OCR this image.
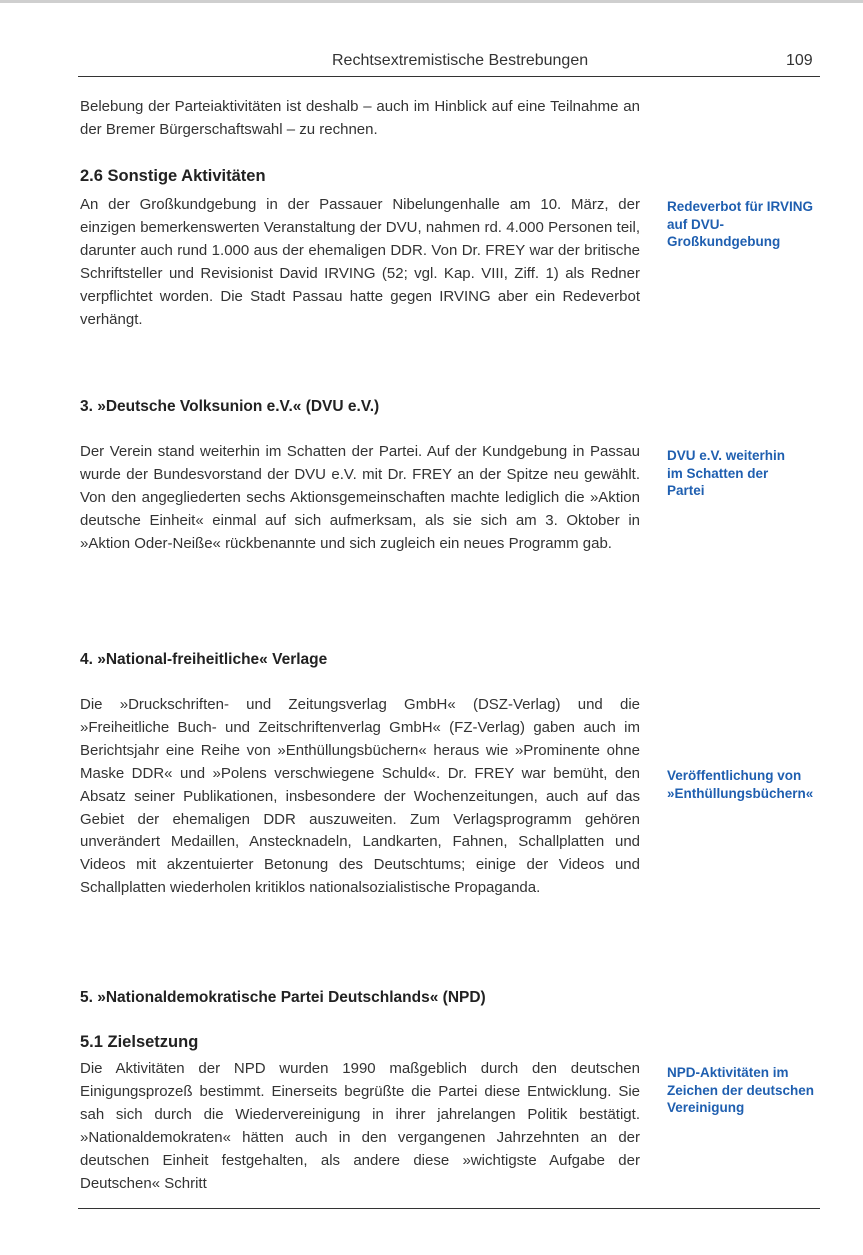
Rechtsextremistische Bestrebungen	109

Belebung der Parteiaktivitäten ist deshalb – auch im Hinblick auf eine Teilnahme an der Bremer Bürgerschaftswahl – zu rechnen.

2.6 Sonstige Aktivitäten

An der Großkundgebung in der Passauer Nibelungenhalle am 10. März, der einzigen bemerkenswerten Veranstaltung der DVU, nahmen rd. 4.000 Personen teil, darunter auch rund 1.000 aus der ehemaligen DDR. Von Dr. FREY war der britische Schriftsteller und Revisionist David IRVING (52; vgl. Kap. VIII, Ziff. 1) als Redner verpflichtet worden. Die Stadt Passau hatte gegen IRVING aber ein Redeverbot verhängt.

Redeverbot für IRVING auf DVU-Großkundgebung

3. »Deutsche Volksunion e.V.« (DVU e.V.)

Der Verein stand weiterhin im Schatten der Partei. Auf der Kundgebung in Passau wurde der Bundesvorstand der DVU e.V. mit Dr. FREY an der Spitze neu gewählt. Von den angegliederten sechs Aktionsgemeinschaften machte lediglich die »Aktion deutsche Einheit« einmal auf sich aufmerksam, als sie sich am 3. Oktober in »Aktion Oder-Neiße« rückbenannte und sich zugleich ein neues Programm gab.

DVU e.V. weiterhin im Schatten der Partei

4. »National-freiheitliche« Verlage

Die »Druckschriften- und Zeitungsverlag GmbH« (DSZ-Verlag) und die »Freiheitliche Buch- und Zeitschriftenverlag GmbH« (FZ-Verlag) gaben auch im Berichtsjahr eine Reihe von »Enthüllungsbüchern« heraus wie »Prominente ohne Maske DDR« und »Polens verschwiegene Schuld«. Dr. FREY war bemüht, den Absatz seiner Publikationen, insbesondere der Wochenzeitungen, auch auf das Gebiet der ehemaligen DDR auszuweiten. Zum Verlagsprogramm gehören unverändert Medaillen, Anstecknadeln, Landkarten, Fahnen, Schallplatten und Videos mit akzentuierter Betonung des Deutschtums; einige der Videos und Schallplatten wiederholen kritiklos nationalsozialistische Propaganda.

Veröffentlichung von »Enthüllungsbüchern«

5. »Nationaldemokratische Partei Deutschlands« (NPD)
5.1 Zielsetzung

Die Aktivitäten der NPD wurden 1990 maßgeblich durch den deutschen Einigungsprozeß bestimmt. Einerseits begrüßte die Partei diese Entwicklung. Sie sah sich durch die Wiedervereinigung in ihrer jahrelangen Politik bestätigt. »Nationaldemokraten« hätten auch in den vergangenen Jahrzehnten an der deutschen Einheit festgehalten, als andere diese »wichtigste Aufgabe der Deutschen« Schritt

NPD-Aktivitäten im Zeichen der deutschen Vereinigung
